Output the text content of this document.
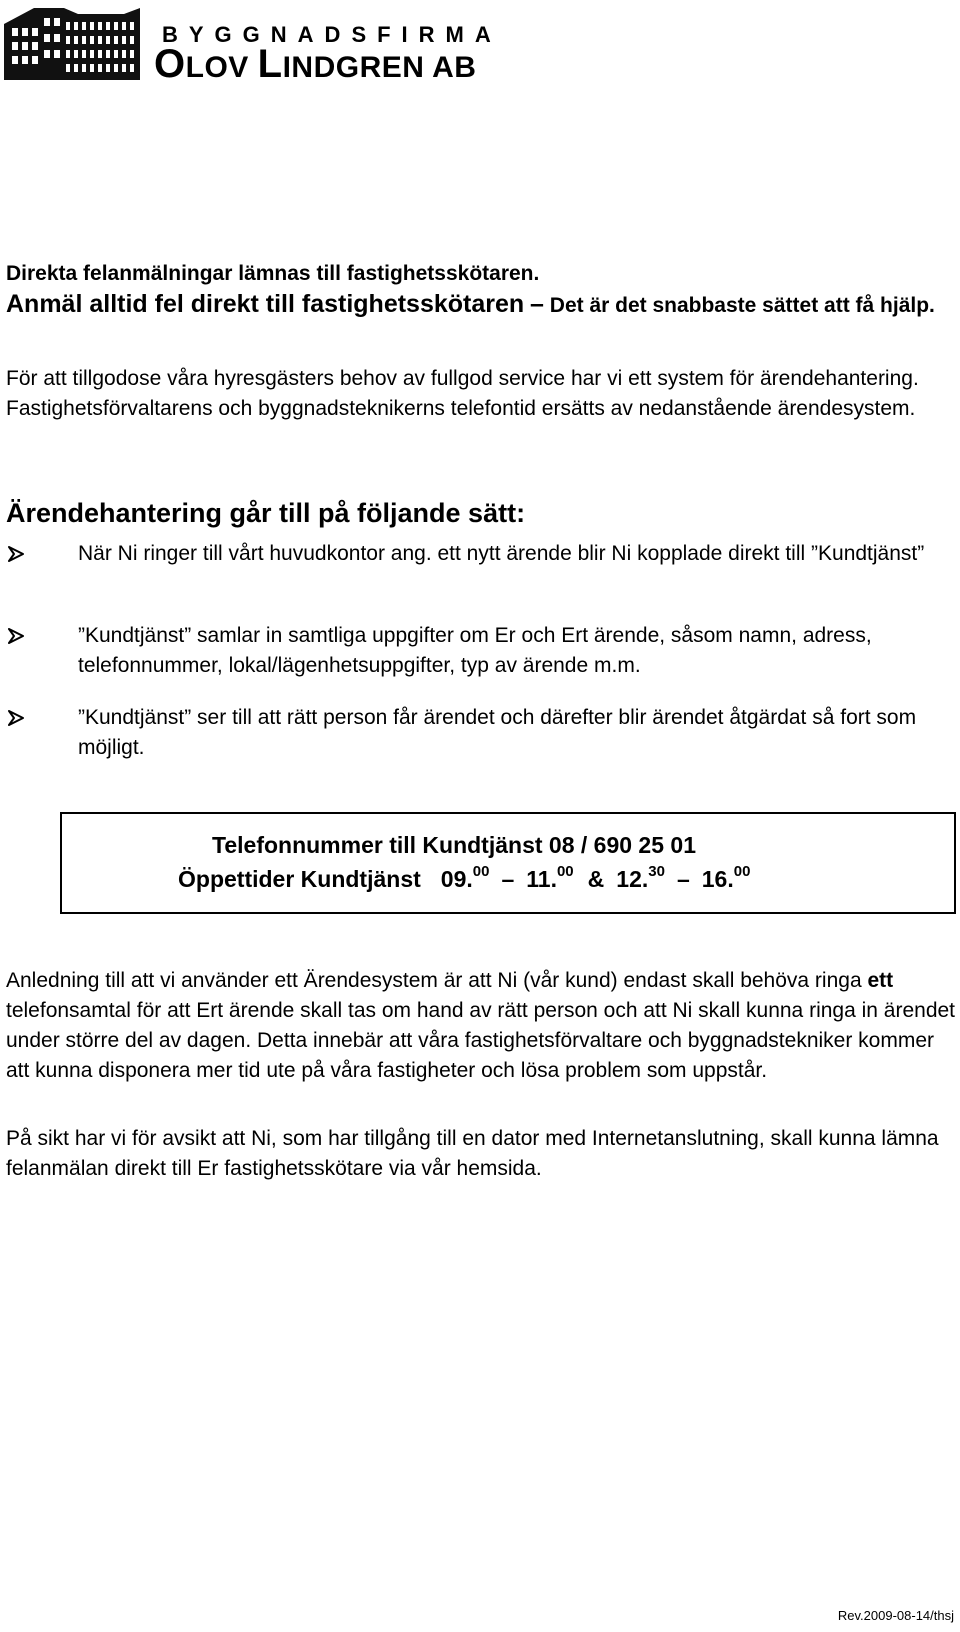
BYGGNADSFIRMA
OLOV LINDGREN AB
Direkta felanmälningar lämnas till fastighetsskötaren.
Anmäl alltid fel direkt till fastighetsskötaren – Det är det snabbaste sättet att få hjälp.
För att tillgodose våra hyresgästers behov av fullgod service har vi ett system för ärendehantering. Fastighetsförvaltarens och byggnadsteknikerns telefontid ersätts av nedanstående ärendesystem.
Ärendehantering går till på följande sätt:
När Ni ringer till vårt huvudkontor ang. ett nytt ärende blir Ni kopplade direkt till ”Kundtjänst”
”Kundtjänst” samlar in samtliga uppgifter om Er och Ert ärende, såsom namn, adress, telefonnummer, lokal/lägenhetsuppgifter, typ av ärende m.m.
”Kundtjänst” ser till att rätt person får ärendet och därefter blir ärendet åtgärdat så fort som möjligt.
Telefonnummer till Kundtjänst 08 / 690 25 01
Öppettider Kundtjänst 09.00 – 11.00 & 12.30 – 16.00
Anledning till att vi använder ett Ärendesystem är att Ni (vår kund) endast skall behöva ringa ett telefonsamtal för att Ert ärende skall tas om hand av rätt person och att Ni skall kunna ringa in ärendet under större del av dagen. Detta innebär att våra fastighetsförvaltare och byggnadstekniker kommer att kunna disponera mer tid ute på våra fastigheter och lösa problem som uppstår.
På sikt har vi för avsikt att Ni, som har tillgång till en dator med Internetanslutning, skall kunna lämna felanmälan direkt till Er fastighetsskötare via vår hemsida.
Rev.2009-08-14/thsj
